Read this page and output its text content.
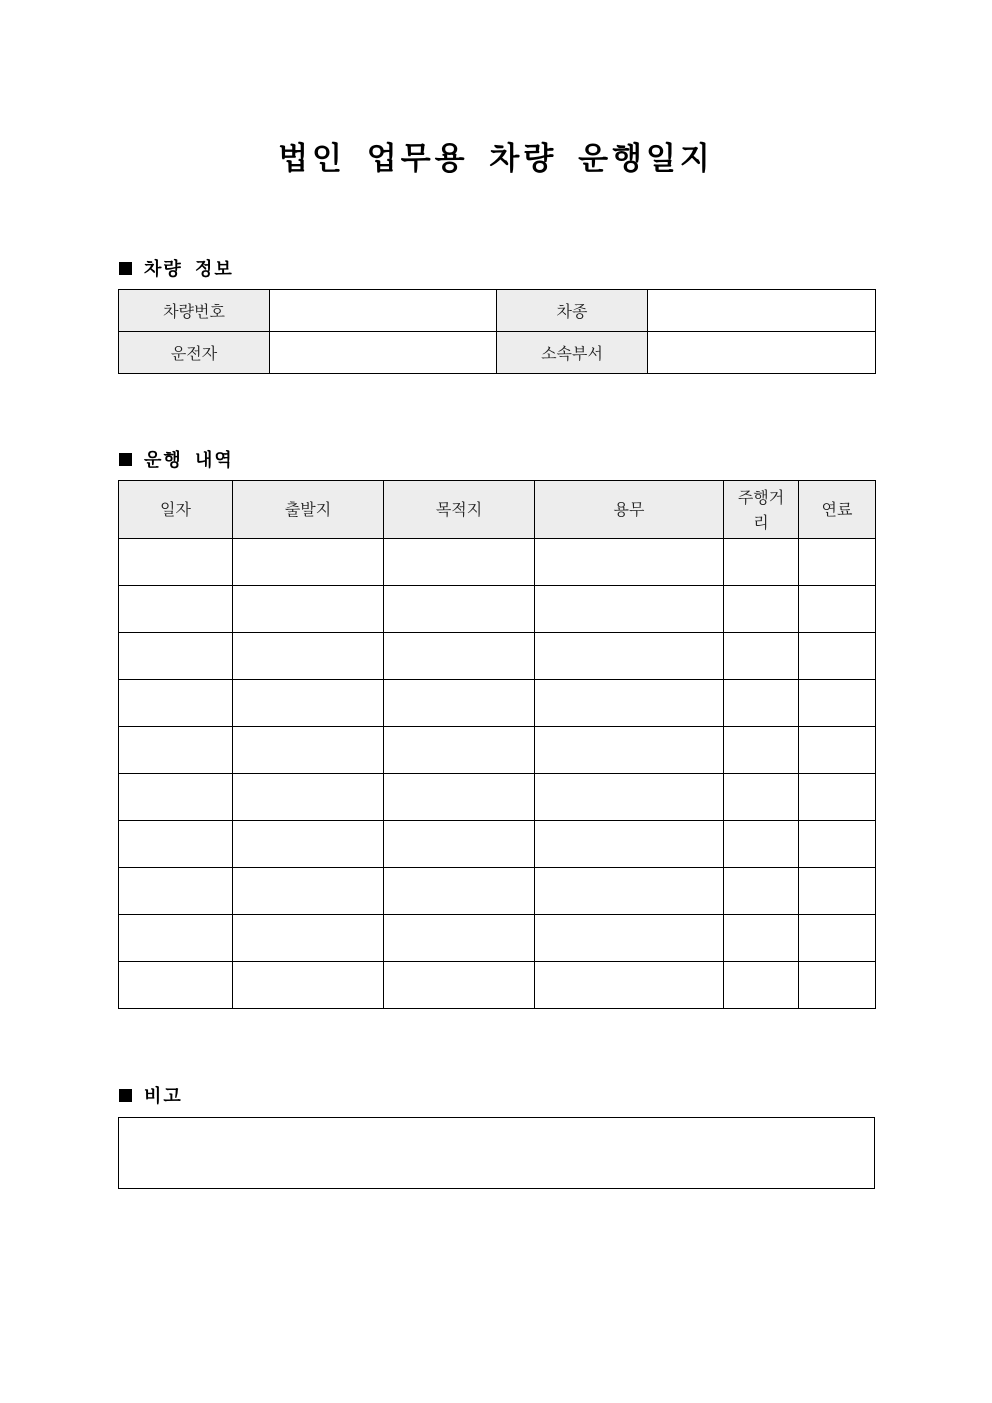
법인 업무용 차량 운행일지
차량 정보
차량번호		차종	
운전자		소속부서	
운행 내역
일자	출발지	목적지	용무	주행거리	연료

비고
